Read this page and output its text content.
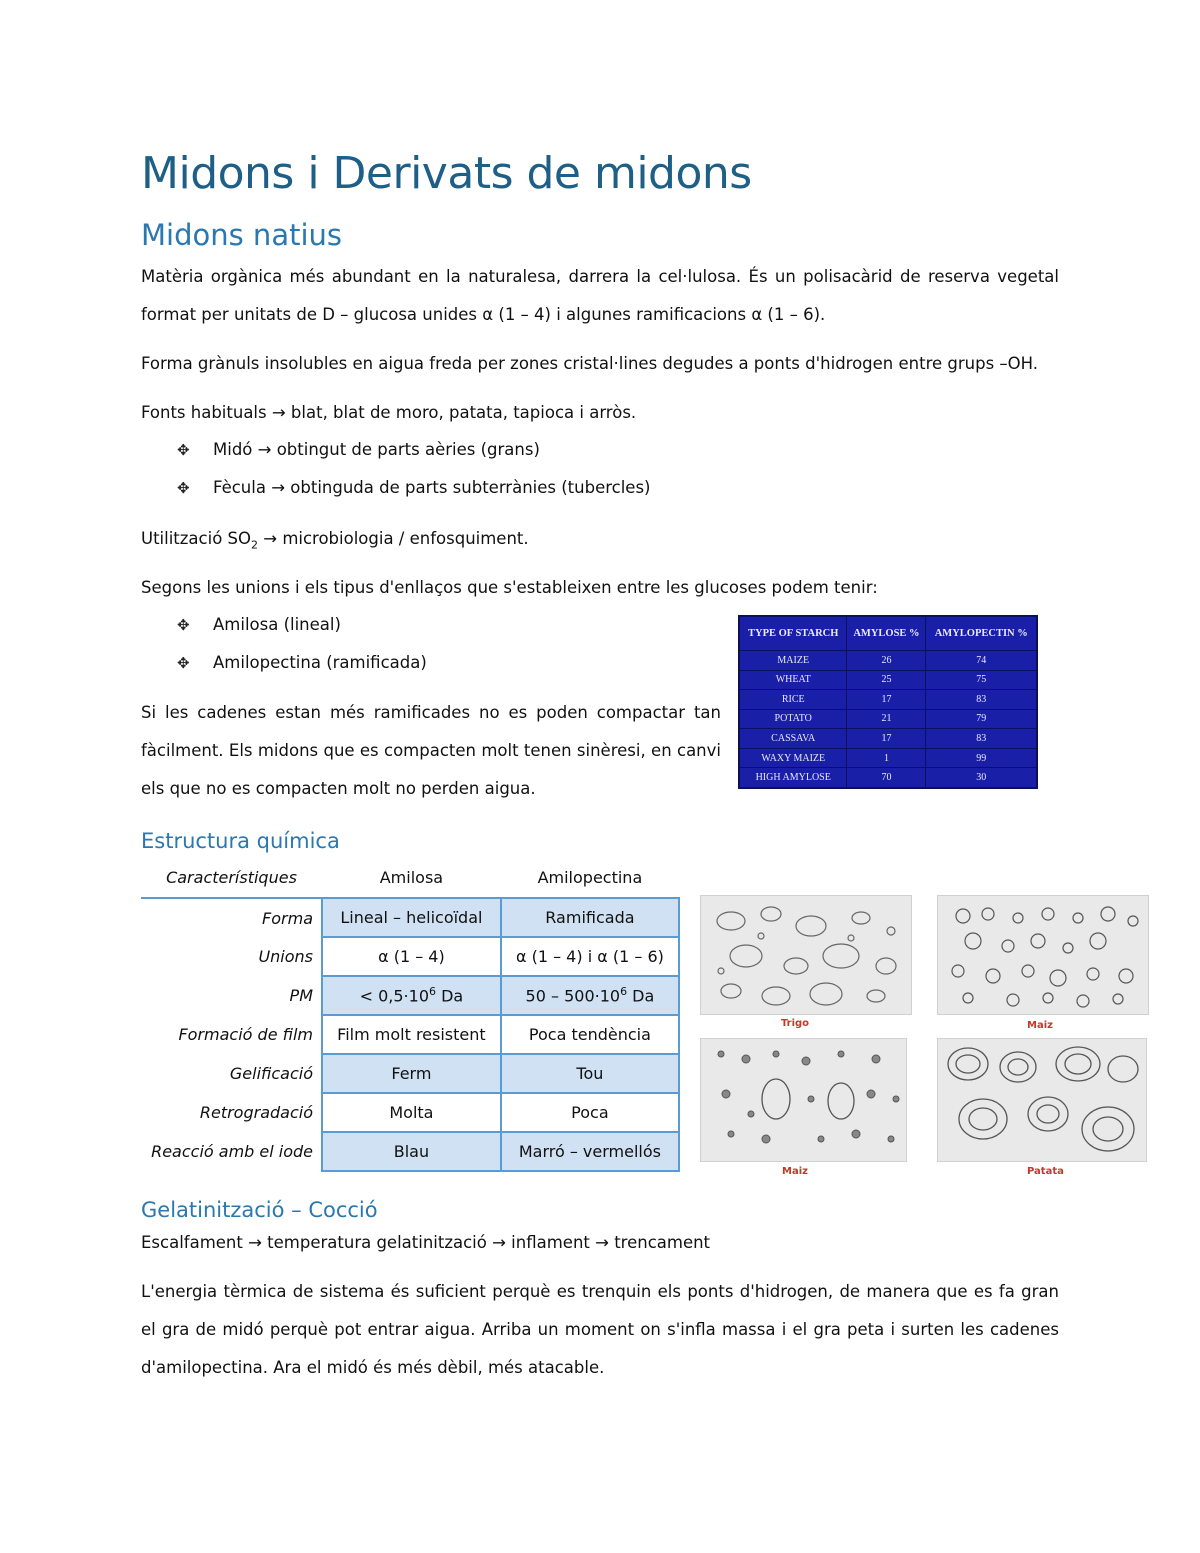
Midons i Derivats de midons
Midons natius

Matèria orgànica més abundant en la naturalesa, darrera la cel·lulosa. És un polisacàrid de reserva vegetal format per unitats de D – glucosa unides α (1 – 4) i algunes ramificacions α (1 – 6).

Forma grànuls insolubles en aigua freda per zones cristal·lines degudes a ponts d'hidrogen entre grups –OH.

Fonts habituals → blat, blat de moro, patata, tapioca i arròs.

✥	Midó → obtingut de parts aèries (grans)
✥	Fècula → obtinguda de parts subterrànies (tubercles)

Utilització $SO_2$ → microbiologia / enfosquiment.

Segons les unions i els tipus d'enllaços que s'estableixen entre les glucoses podem tenir:

✥	Amilosa (lineal)
✥	Amilopectina (ramificada)

Si les cadenes estan més ramificades no es poden compactar tan fàcilment. Els midons que es compacten molt tenen sinèresi, en canvi els que no es compacten molt no perden aigua.

TYPE OF STARCH	AMYLOSE %	AMYLOPECTIN %
MAIZE	26	74
WHEAT	25	75
RICE	17	83
POTATO	21	79
CASSAVA	17	83
WAXY MAIZE	1	99
HIGH AMYLOSE	70	30
Estructura química
Característiques	Amilosa	Amilopectina
Forma	Lineal – helicoïdal	Ramificada
Unions	α (1 – 4)	α (1 – 4) i α (1 – 6)
PM	< $0,5\cdot 10^6$ Da	$50 - 500\cdot 10^6$ Da
Formació de film	Film molt resistent	Poca tendència
Gelificació	Ferm	Tou
Retrogradació	Molta	Poca
Reacció amb el iode	Blau	Marró – vermellós
Trigo	Maiz
Maiz	Patata
Gelatinització – Cocció

Escalfament → temperatura gelatinització → inflament → trencament

L'energia tèrmica de sistema és suficient perquè es trenquin els ponts d'hidrogen, de manera que es fa gran el gra de midó perquè pot entrar aigua. Arriba un moment on s'infla massa i el gra peta i surten les cadenes d'amilopectina. Ara el midó és més dèbil, més atacable.
